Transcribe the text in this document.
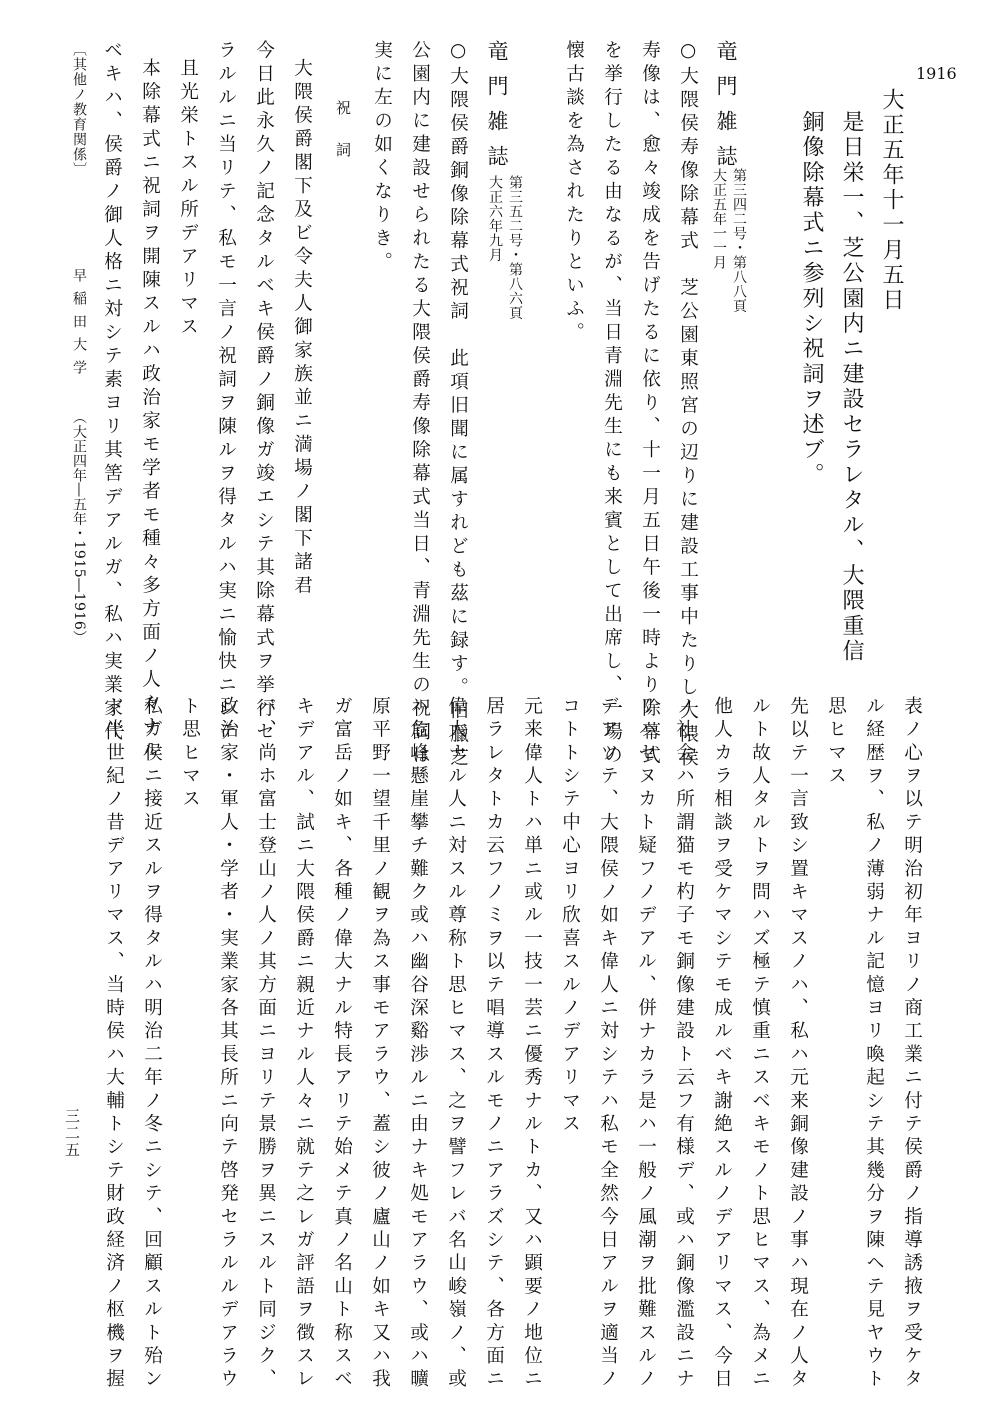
1916
大正五年十一月五日
是日栄一、芝公園内ニ建設セラレタル、大隈重信
銅像除幕式ニ参列シ祝詞ヲ述ブ。
竜門雑誌
第三四二号・第八八頁
大正五年一一月
○大隈侯寿像除幕式　芝公園東照宮の辺りに建設工事中たりし大隈侯
寿像は、愈々竣成を告げたるに依り、十一月五日午後一時より除幕式
を挙行したる由なるが、当日青淵先生にも来賓として出席し、一場の
懐古談を為されたりといふ。
竜門雑誌
第三五二号・第八六頁
大正六年九月
○大隈侯爵銅像除幕式祝詞　此項旧聞に属すれども茲に録す。旧臘芝
公園内に建設せられたる大隈侯爵寿像除幕式当日、青淵先生の祝詞は
実に左の如くなりき。
祝　詞
大隈侯爵閣下及ビ令夫人御家族並ニ満場ノ閣下諸君
今日此永久ノ記念タルベキ侯爵ノ銅像ガ竣エシテ其除幕式ヲ挙行セ
ラルルニ当リテ、私モ一言ノ祝詞ヲ陳ルヲ得タルハ実ニ愉快ニシテ
且光栄トスル所デアリマス
本除幕式ニ祝詞ヲ開陳スルハ政治家モ学者モ種々多方面ノ人々ナル
ベキハ、侯爵ノ御人格ニ対シテ素ヨリ其筈デアルガ、私ハ実業家代
〔其他ノ教育関係〕
早稲田大学
（大正四年―五年・1915―1916）
表ノ心ヲ以テ明治初年ヨリノ商工業ニ付テ侯爵ノ指導誘掖ヲ受ケタ
ル経歴ヲ、私ノ薄弱ナル記憶ヨリ喚起シテ其幾分ヲ陳ヘテ見ヤウト
思ヒマス
先以テ一言致シ置キマスノハ、私ハ元来銅像建設ノ事ハ現在ノ人タ
ルト故人タルトヲ問ハズ極テ慎重ニスベキモノト思ヒマス、為メニ
他人カラ相談ヲ受ケマシテモ成ルベキ謝絶スルノデアリマス、今日
ノ社会ハ所謂猫モ杓子モ銅像建設ト云フ有様デ、或ハ銅像濫設ニナ
リハセヌカト疑フノデアル、併ナカラ是ハ一般ノ風潮ヲ批難スルノ
デアツテ、大隈侯ノ如キ偉人ニ対シテハ私モ全然今日アルヲ適当ノ
コトトシテ中心ヨリ欣喜スルノデアリマス
元来偉人トハ単ニ或ル一技一芸ニ優秀ナルトカ、又ハ顕要ノ地位ニ
居ラレタトカ云フノミヲ以テ唱導スルモノニアラズシテ、各方面ニ
偉大ナル人ニ対スル尊称ト思ヒマス、之ヲ譬フレバ名山峻嶺ノ、或
ハ危峰懸崖攀チ難ク或ハ幽谷深谿渉ルニ由ナキ処モアラウ、或ハ曠
原平野一望千里ノ観ヲ為ス事モアラウ、蓋シ彼ノ廬山ノ如キ又ハ我
ガ富岳ノ如キ、各種ノ偉大ナル特長アリテ始メテ真ノ名山ト称スベ
キデアル、試ニ大隈侯爵ニ親近ナル人々ニ就テ之レガ評語ヲ徴スレ
バ、尚ホ富士登山ノ人ノ其方面ニヨリテ景勝ヲ異ニスルト同ジク、
政治家・軍人・学者・実業家各其長所ニ向テ啓発セラルルデアラウ
ト思ヒマス
私ガ侯ニ接近スルヲ得タルハ明治二年ノ冬ニシテ、回顧スルト殆ン
ド半世紀ノ昔デアリマス、当時侯ハ大輔トシテ財政経済ノ枢機ヲ握
三二五
